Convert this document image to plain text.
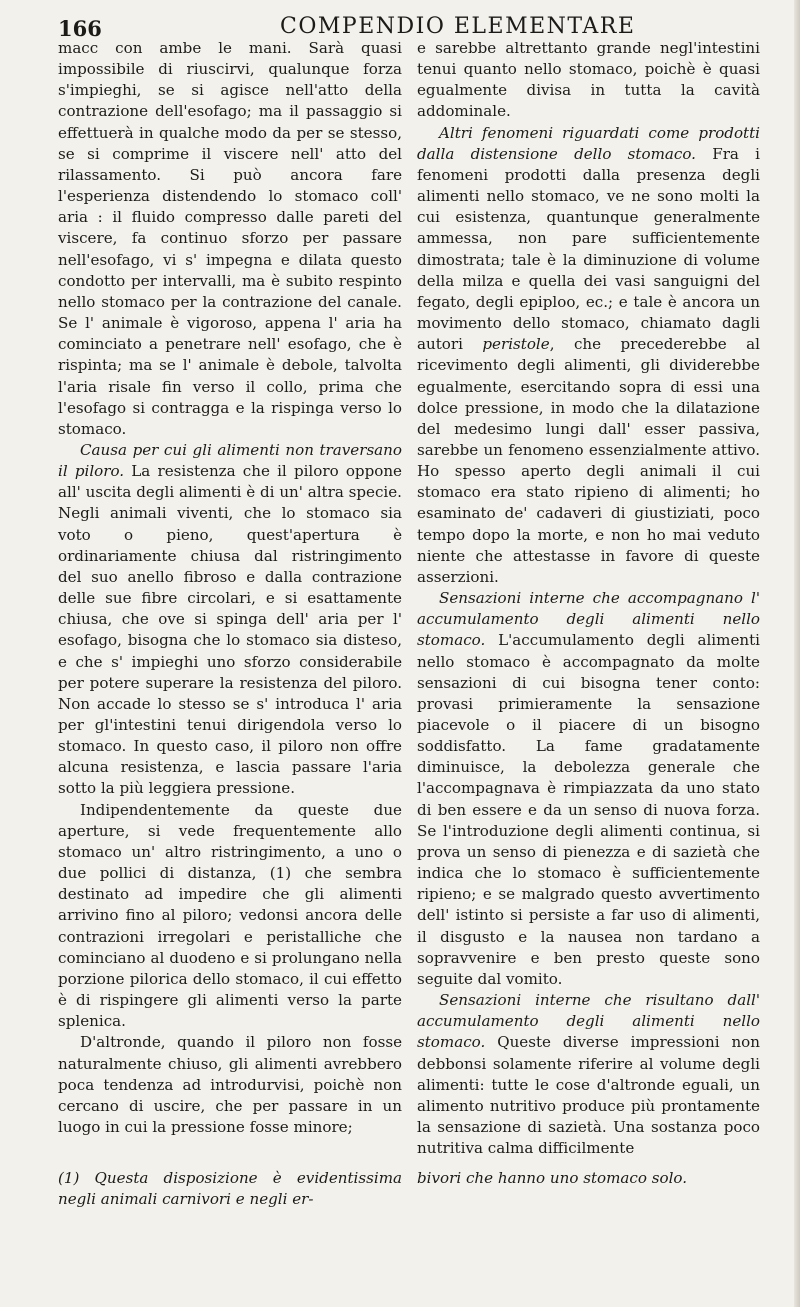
166	COMPENDIO ELEMENTARE

macc con ambe le mani. Sarà quasi impossibile di riuscirvi, qualunque forza s'impieghi, se si agisce nell'atto della contrazione dell'esofago; ma il passaggio si effettuerà in qualche modo da per se stesso, se si comprime il viscere nell' atto del rilassamento. Si può ancora fare l'esperienza distendendo lo stomaco coll' aria : il fluido compresso dalle pareti del viscere, fa continuo sforzo per passare nell'esofago, vi s' impegna e dilata questo condotto per intervalli, ma è subito respinto nello stomaco per la contrazione del canale. Se l' animale è vigoroso, appena l' aria ha cominciato a penetrare nell' esofago, che è rispinta; ma se l' animale è debole, talvolta l'aria risale fin verso il collo, prima che l'esofago si contragga e la rispinga verso lo stomaco.

Causa per cui gli alimenti non traversano il piloro. La resistenza che il piloro oppone all' uscita degli alimenti è di un' altra specie. Negli animali viventi, che lo stomaco sia voto o pieno, quest'apertura è ordinariamente chiusa dal ristringimento del suo anello fibroso e dalla contrazione delle sue fibre circolari, e si esattamente chiusa, che ove si spinga dell' aria per l' esofago, bisogna che lo stomaco sia disteso, e che s' impieghi uno sforzo considerabile per potere superare la resistenza del piloro. Non accade lo stesso se s' introduca l' aria per gl'intestini tenui dirigendola verso lo stomaco. In questo caso, il piloro non offre alcuna resistenza, e lascia passare l'aria sotto la più leggiera pressione.

Indipendentemente da queste due aperture, si vede frequentemente allo stomaco un' altro ristringimento, a uno o due pollici di distanza, (1) che sembra destinato ad impedire che gli alimenti arrivino fino al piloro; vedonsi ancora delle contrazioni irregolari e peristalliche che cominciano al duodeno e si prolungano nella porzione pilorica dello stomaco, il cui effetto è di rispingere gli alimenti verso la parte splenica.

D'altronde, quando il piloro non fosse naturalmente chiuso, gli alimenti avrebbero poca tendenza ad introdurvisi, poichè non cercano di uscire, che per passare in un luogo in cui la pressione fosse minore;

e sarebbe altrettanto grande negl'intestini tenui quanto nello stomaco, poichè è quasi egualmente divisa in tutta la cavità addominale.

Altri fenomeni riguardati come prodotti dalla distensione dello stomaco. Fra i fenomeni prodotti dalla presenza degli alimenti nello stomaco, ve ne sono molti la cui esistenza, quantunque generalmente ammessa, non pare sufficientemente dimostrata; tale è la diminuzione di volume della milza e quella dei vasi sanguigni del fegato, degli epiploo, ec.; e tale è ancora un movimento dello stomaco, chiamato dagli autori peristole, che precederebbe al ricevimento degli alimenti, gli dividerebbe egualmente, esercitando sopra di essi una dolce pressione, in modo che la dilatazione del medesimo lungi dall' esser passiva, sarebbe un fenomeno essenzialmente attivo. Ho spesso aperto degli animali il cui stomaco era stato ripieno di alimenti; ho esaminato de' cadaveri di giustiziati, poco tempo dopo la morte, e non ho mai veduto niente che attestasse in favore di queste asserzioni.

Sensazioni interne che accompagnano l' accumulamento degli alimenti nello stomaco. L'accumulamento degli alimenti nello stomaco è accompagnato da molte sensazioni di cui bisogna tener conto: provasi primieramente la sensazione piacevole o il piacere di un bisogno soddisfatto. La fame gradatamente diminuisce, la debolezza generale che l'accompagnava è rimpiazzata da uno stato di ben essere e da un senso di nuova forza. Se l'introduzione degli alimenti continua, si prova un senso di pienezza e di sazietà che indica che lo stomaco è sufficientemente ripieno; e se malgrado questo avvertimento dell' istinto si persiste a far uso di alimenti, il disgusto e la nausea non tardano a sopravvenire e ben presto queste sono seguite dal vomito.

Sensazioni interne che risultano dall' accumulamento degli alimenti nello stomaco. Queste diverse impressioni non debbonsi solamente riferire al volume degli alimenti: tutte le cose d'altronde eguali, un alimento nutritivo produce più prontamente la sensazione di sazietà. Una sostanza poco nutritiva calma difficilmente

(1) Questa disposizione è evidentissima negli animali carnivori e negli er-
bivori che hanno uno stomaco solo.
